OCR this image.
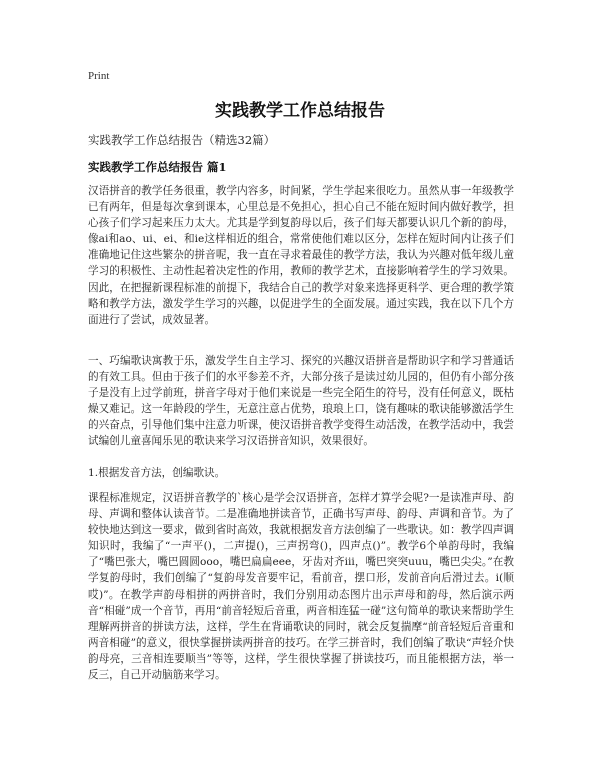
Print
实践教学工作总结报告

实践教学工作总结报告（精选32篇）

实践教学工作总结报告 篇1

汉语拼音的教学任务很重，教学内容多，时间紧，学生学起来很吃力。虽然从事一年级教学已有两年，但是每次拿到课本，心里总是不免担心，担心自己不能在短时间内做好教学，担心孩子们学习起来压力太大。尤其是学到复韵母以后，孩子们每天都要认识几个新的韵母，像ai和ao、ui、ei、和ie这样相近的组合，常常使他们难以区分，怎样在短时间内让孩子们准确地记住这些繁杂的拼音呢，我一直在寻求着最佳的教学方法，我认为兴趣对低年级儿童学习的积极性、主动性起着决定性的作用，教师的教学艺术，直接影响着学生的学习效果。因此，在把握新课程标准的前提下，我结合自己的教学对象来选择更科学、更合理的教学策略和教学方法，激发学生学习的兴趣，以促进学生的全面发展。通过实践，我在以下几个方面进行了尝试，成效显著。

一、巧编歌诀寓教于乐，激发学生自主学习、探究的兴趣汉语拼音是帮助识字和学习普通话的有效工具。但由于孩子们的水平参差不齐，大部分孩子是读过幼儿园的，但仍有小部分孩子是没有上过学前班，拼音字母对于他们来说是一些完全陌生的符号，没有任何意义，既枯燥又难记。这一年龄段的学生，无意注意占优势，琅琅上口，饶有趣味的歌诀能够激活学生的兴奋点，引导他们集中注意力听课，使汉语拼音教学变得生动活泼，在教学活动中，我尝试编创儿童喜闻乐见的歌诀来学习汉语拼音知识，效果很好。

1.根据发音方法，创编歌诀。

课程标准规定，汉语拼音教学的`核心是学会汉语拼音，怎样才算学会呢?一是读准声母、韵母、声调和整体认读音节。二是准确地拼读音节，正确书写声母、韵母、声调和音节。为了较快地达到这一要求，做到省时高效，我就根据发音方法创编了一些歌诀。如：教学四声调知识时，我编了“一声平()，二声提()，三声拐弯()，四声点()”。教学6个单韵母时，我编了“嘴巴张大，嘴巴圆圆ooo，嘴巴扁扁eee，牙齿对齐iii，嘴巴突突uuu，嘴巴尖尖。”在教学复韵母时，我们创编了“复韵母发音要牢记，看前音，摆口形，发前音向后滑过去。i(顺哎)”。在教学声韵母相拼的两拼音时，我们分别用动态图片出示声母和韵母，然后演示两音“相碰”成一个音节，再用“前音轻短后音重，两音相连猛一碰”这句简单的歌诀来帮助学生理解两拼音的拼读方法，这样，学生在背诵歌诀的同时，就会反复揣摩“前音轻短后音重和两音相碰”的意义，很快掌握拼读两拼音的技巧。在学三拼音时，我们创编了歌诀“声轻介快韵母亮，三音相连要顺当”等等，这样，学生很快掌握了拼读技巧，而且能根据方法，举一反三，自己开动脑筋来学习。
